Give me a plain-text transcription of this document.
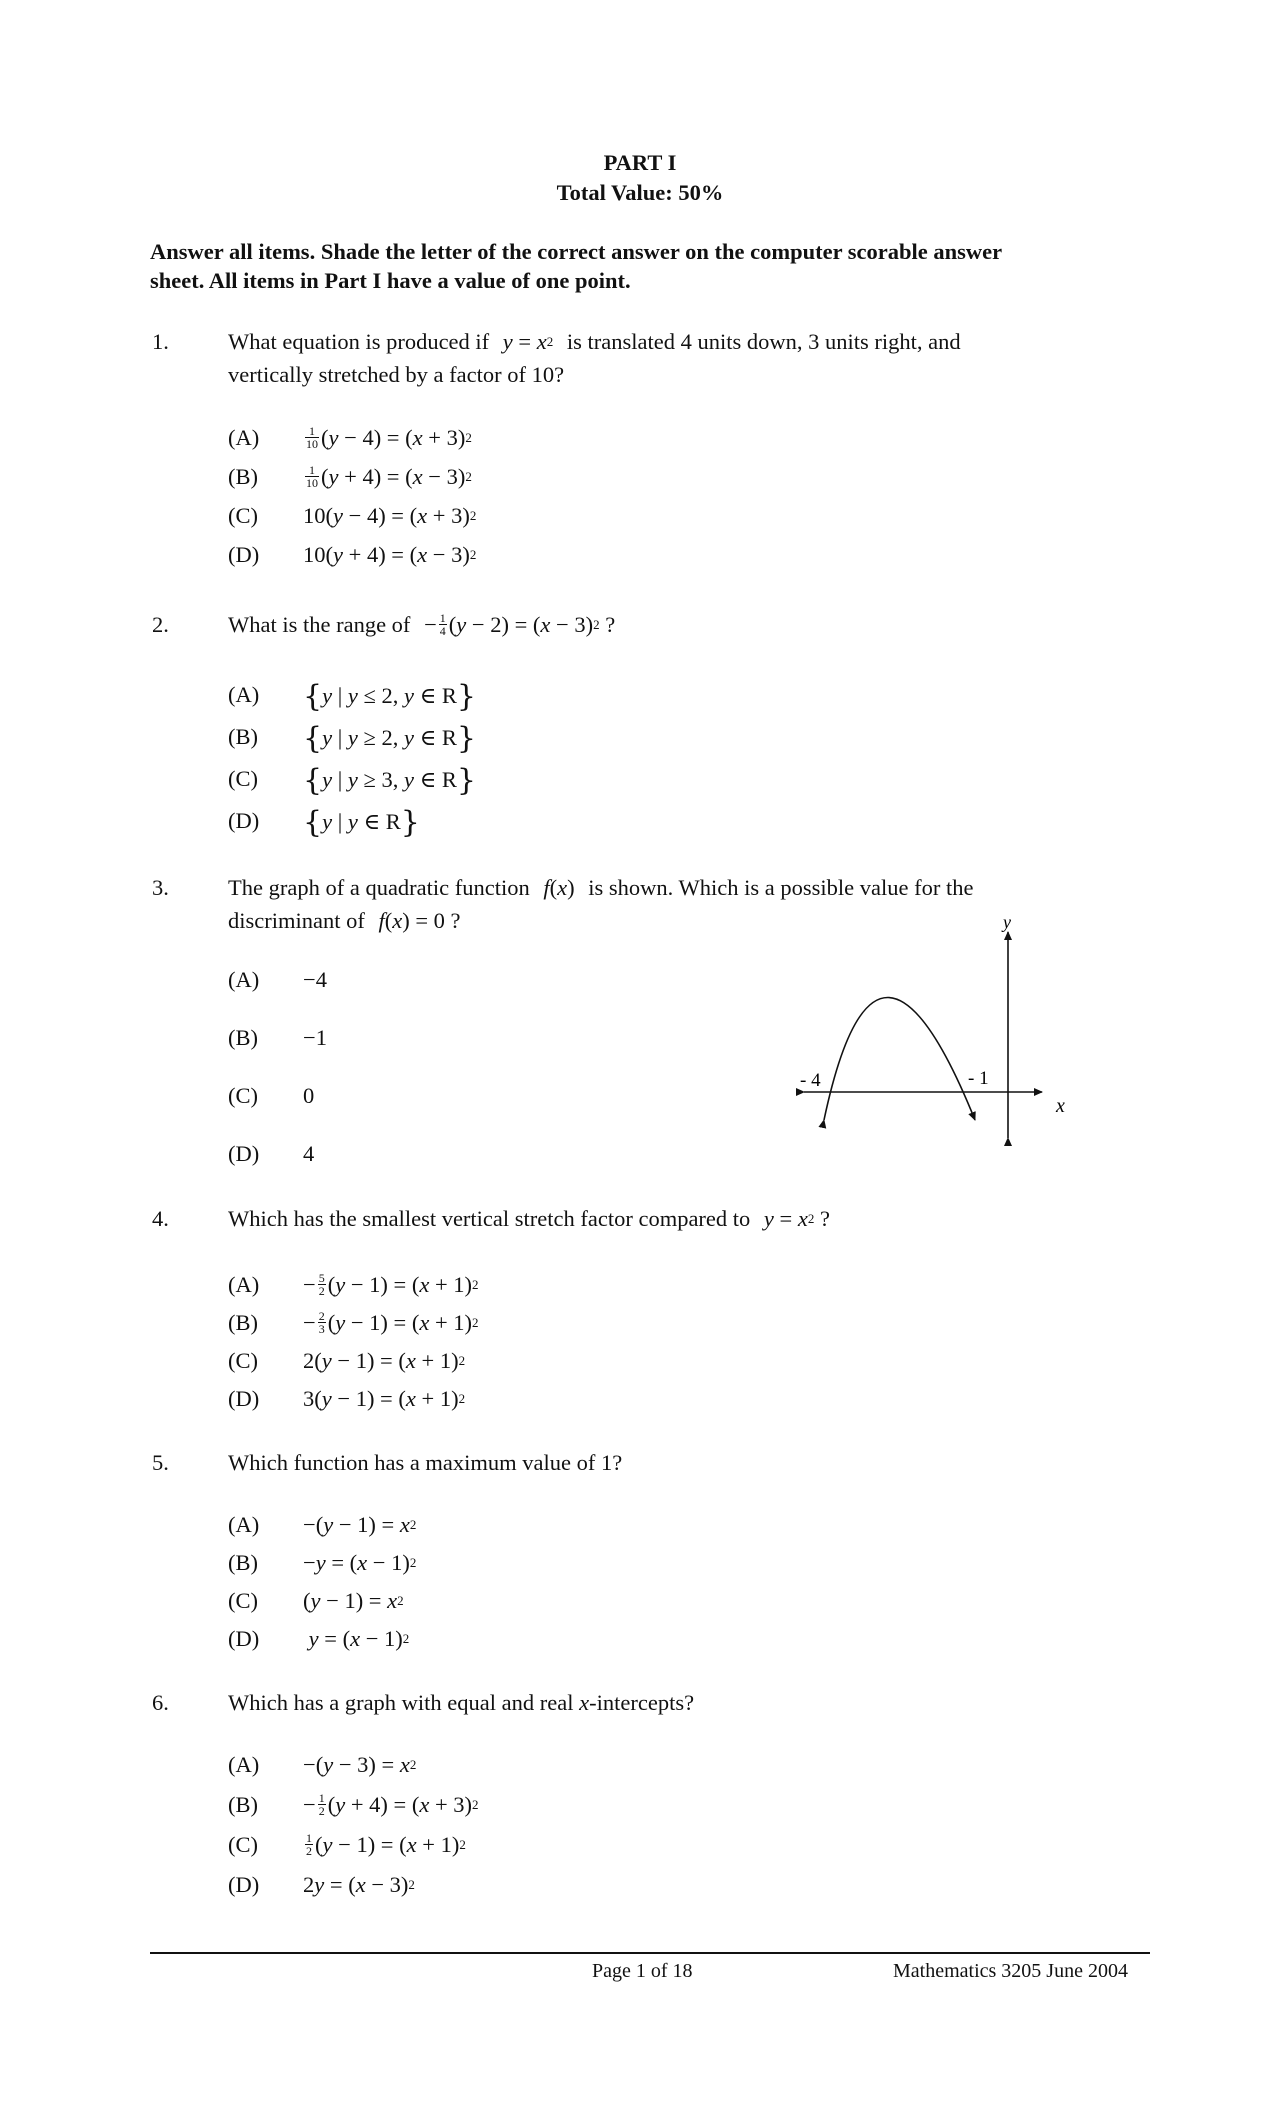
PART I
Total Value: 50%
Answer all items. Shade the letter of the correct answer on the computer scorable answer
sheet. All items in Part I have a value of one point.
1.	What equation is produced if $y = x^2$ is translated 4 units down, 3 units right, and
vertically stretched by a factor of 10?
(A)	$\frac{1}{10} (y - 4) = (x + 3)^2$
(B)	$\frac{1}{10} (y + 4) = (x - 3)^2$
(C) $10(y - 4) = (x + 3)^2$
(D) $10(y + 4) = (x - 3)^2$
2.	What is the range of − $\frac{1}{4} (y - 2) = (x - 3)^2$ ?
(A) {y | y ≤ 2, y ∈ R}
(B) {y | y ≥ 2, y ∈ R}
(C) {y | y ≥ 3, y ∈ R}
(D) {y | y ∈ R}
3.	The graph of a quadratic function f(x) is shown. Which is a possible value for the
discriminant of f(x) = 0 ?
(A) −4
(B) −1
(C) 0
(D) 4
y
x
- 4	- 1
4.	Which has the smallest vertical stretch factor compared to $y = x^2$ ?
$(A) - \frac{5}{2} (y - 1) = (x + 1)^2$
$(B) - \frac{2}{3} (y - 1) = (x + 1)^2$
(C) $2(y - 1) = (x + 1)^2$
(D) $3(y - 1) = (x + 1)^2$
5.	Which function has a maximum value of 1?
$(A) -(y - 1) = x^2$
$(B) -y = (x - 1)^2$
(C) $(y - 1) = x^2$
(D) $y = (x - 1)^2$
6.	Which has a graph with equal and real x-intercepts?
$(A) -(y - 3) = x^2$
$(B) - \frac{1}{2} (y + 4) = (x + 3)^2$
(C)	$\frac{1}{2} (y - 1) = (x + 1)^2$
(D) $2y = (x - 3)^2$
Page 1 of 18	Mathematics 3205 June 2004
